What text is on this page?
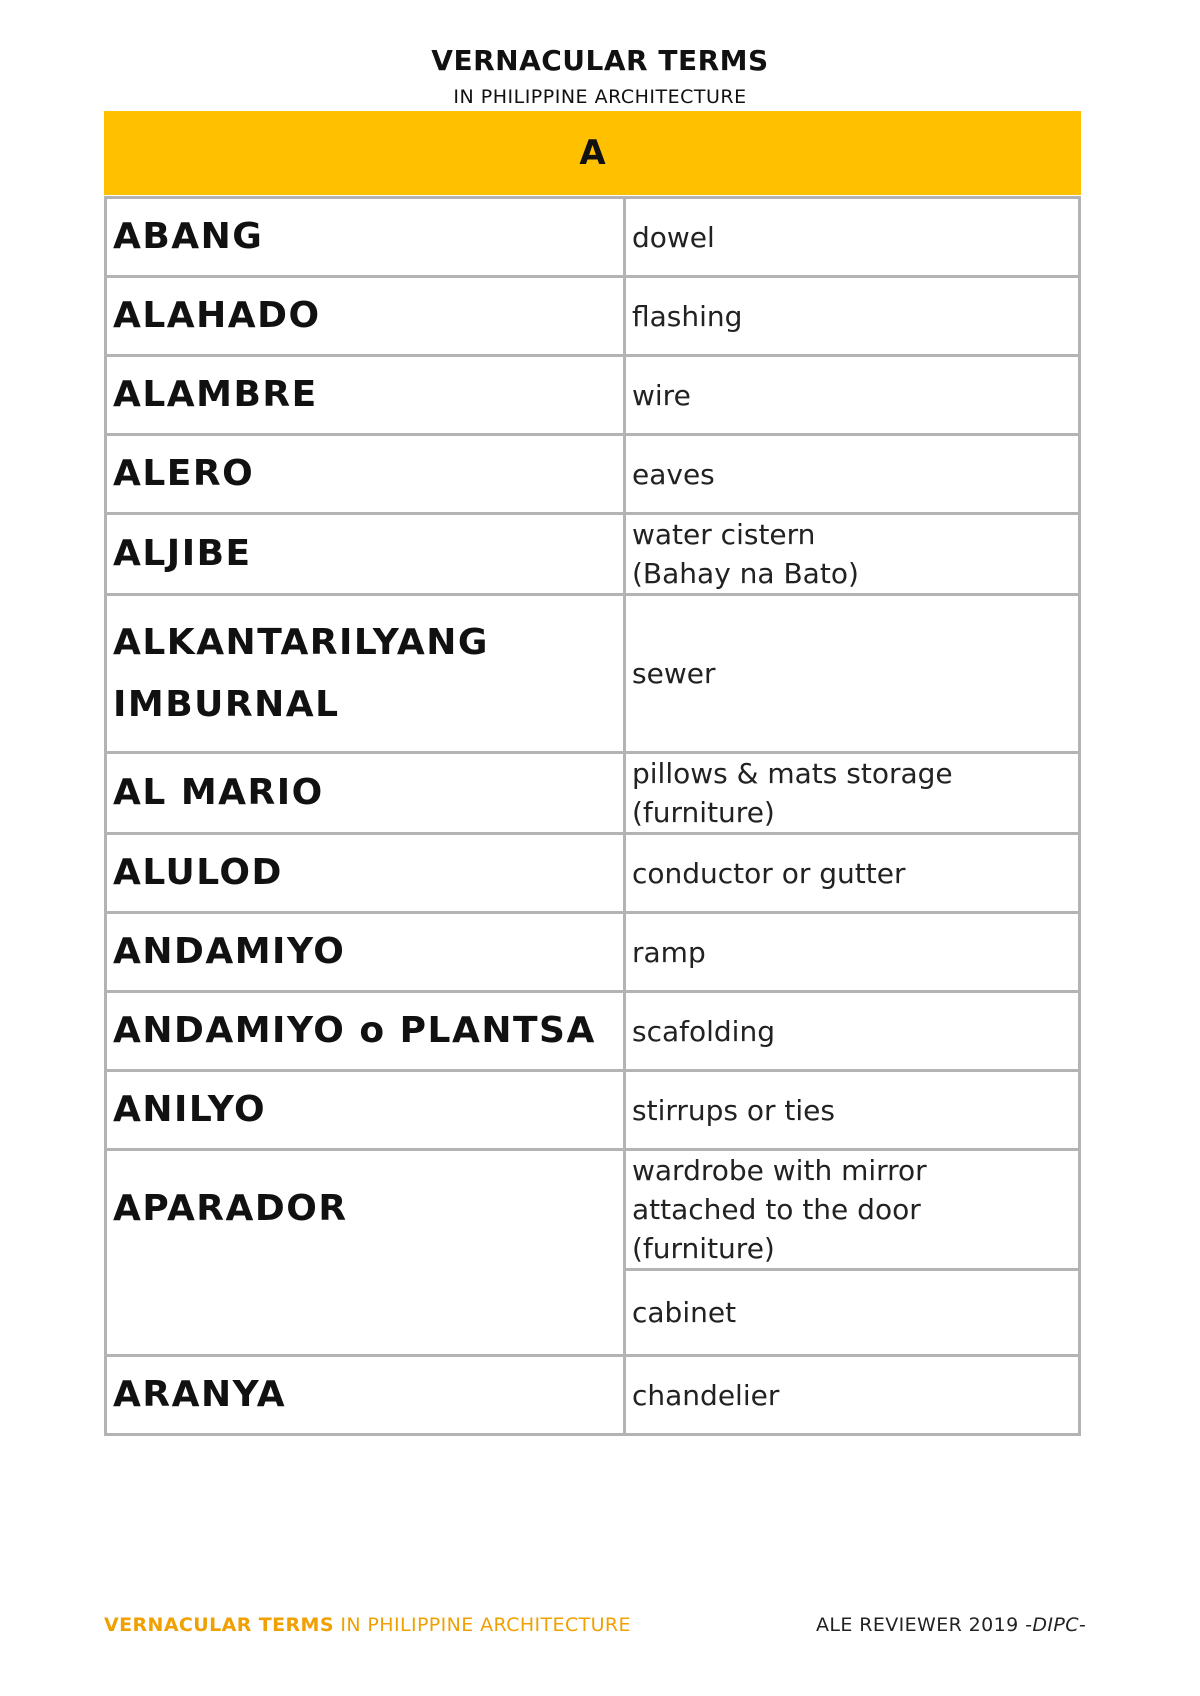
VERNACULAR TERMS
IN PHILIPPINE ARCHITECTURE
A
ABANG	dowel
ALAHADO	flashing
ALAMBRE	wire
ALERO	eaves
ALJIBE	water cistern
(Bahay na Bato)

ALKANTARILYANG
IMBURNAL	sewer
AL MARIO	pillows & mats storage
(furniture)

ALULOD	conductor or gutter
ANDAMIYO	ramp
ANDAMIYO o PLANTSA	scafolding
ANILYO	stirrups or ties
APARADOR	wardrobe with mirror
attached to the door
(furniture)

	cabinet
ARANYA	chandelier
VERNACULAR TERMS IN PHILIPPINE ARCHITECTURE	ALE REVIEWER 2019 -DIPC-
